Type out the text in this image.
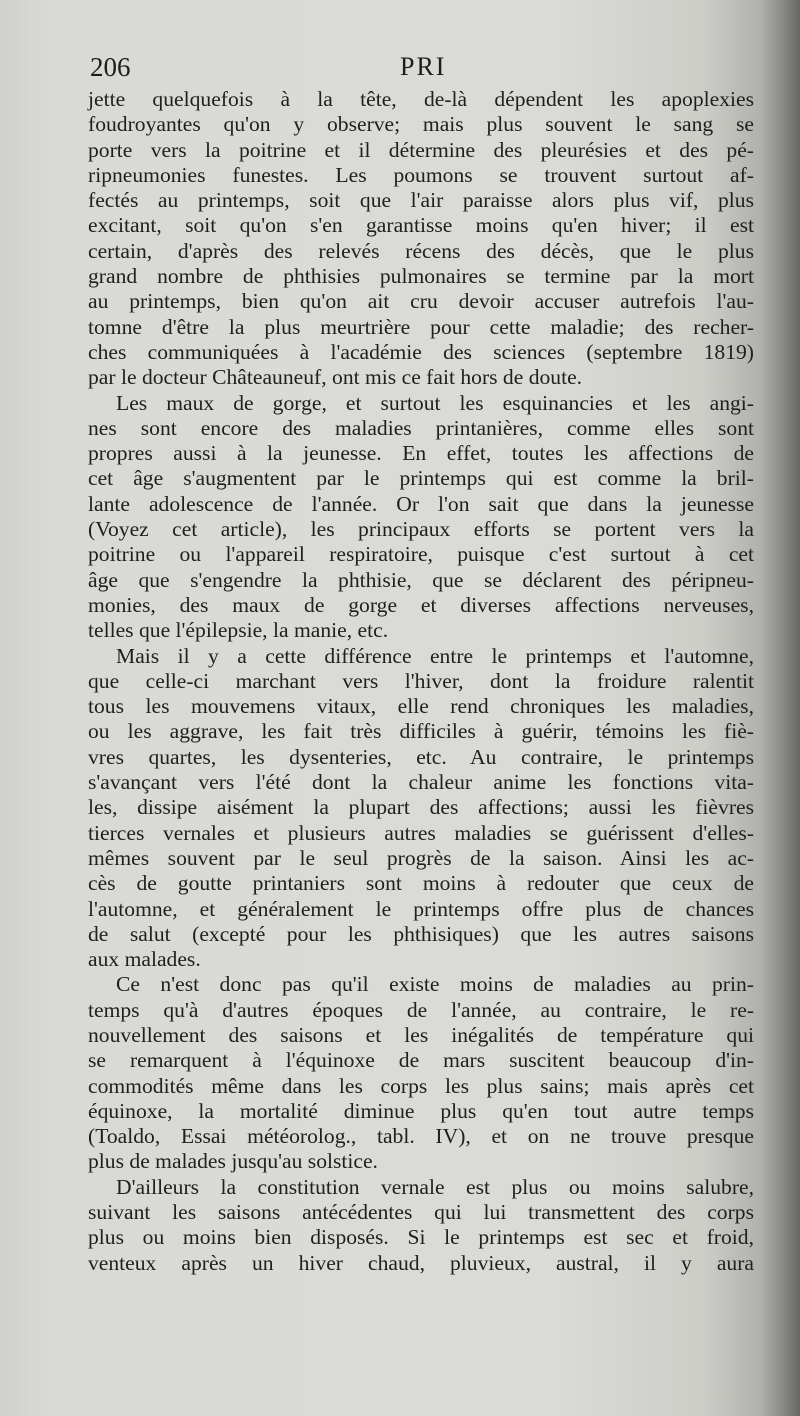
206	PRI
jette quelquefois à la tête, de-là dépendent les apoplexies
foudroyantes qu'on y observe; mais plus souvent le sang se
porte vers la poitrine et il détermine des pleurésies et des pé-
ripneumonies funestes. Les poumons se trouvent surtout af-
fectés au printemps, soit que l'air paraisse alors plus vif, plus
excitant, soit qu'on s'en garantisse moins qu'en hiver; il est
certain, d'après des relevés récens des décès, que le plus
grand nombre de phthisies pulmonaires se termine par la mort
au printemps, bien qu'on ait cru devoir accuser autrefois l'au-
tomne d'être la plus meurtrière pour cette maladie; des recher-
ches communiquées à l'académie des sciences (septembre 1819)
par le docteur Châteauneuf, ont mis ce fait hors de doute.
Les maux de gorge, et surtout les esquinancies et les angi-
nes sont encore des maladies printanières, comme elles sont
propres aussi à la jeunesse. En effet, toutes les affections de
cet âge s'augmentent par le printemps qui est comme la bril-
lante adolescence de l'année. Or l'on sait que dans la jeunesse
(Voyez cet article), les principaux efforts se portent vers la
poitrine ou l'appareil respiratoire, puisque c'est surtout à cet
âge que s'engendre la phthisie, que se déclarent des péripneu-
monies, des maux de gorge et diverses affections nerveuses,
telles que l'épilepsie, la manie, etc.
Mais il y a cette différence entre le printemps et l'automne,
que celle-ci marchant vers l'hiver, dont la froidure ralentit
tous les mouvemens vitaux, elle rend chroniques les maladies,
ou les aggrave, les fait très difficiles à guérir, témoins les fiè-
vres quartes, les dysenteries, etc. Au contraire, le printemps
s'avançant vers l'été dont la chaleur anime les fonctions vita-
les, dissipe aisément la plupart des affections; aussi les fièvres
tierces vernales et plusieurs autres maladies se guérissent d'elles-
mêmes souvent par le seul progrès de la saison. Ainsi les ac-
cès de goutte printaniers sont moins à redouter que ceux de
l'automne, et généralement le printemps offre plus de chances
de salut (excepté pour les phthisiques) que les autres saisons
aux malades.
Ce n'est donc pas qu'il existe moins de maladies au prin-
temps qu'à d'autres époques de l'année, au contraire, le re-
nouvellement des saisons et les inégalités de température qui
se remarquent à l'équinoxe de mars suscitent beaucoup d'in-
commodités même dans les corps les plus sains; mais après cet
équinoxe, la mortalité diminue plus qu'en tout autre temps
(Toaldo, Essai météorolog., tabl. IV), et on ne trouve presque
plus de malades jusqu'au solstice.
D'ailleurs la constitution vernale est plus ou moins salubre,
suivant les saisons antécédentes qui lui transmettent des corps
plus ou moins bien disposés. Si le printemps est sec et froid,
venteux après un hiver chaud, pluvieux, austral, il y aura
